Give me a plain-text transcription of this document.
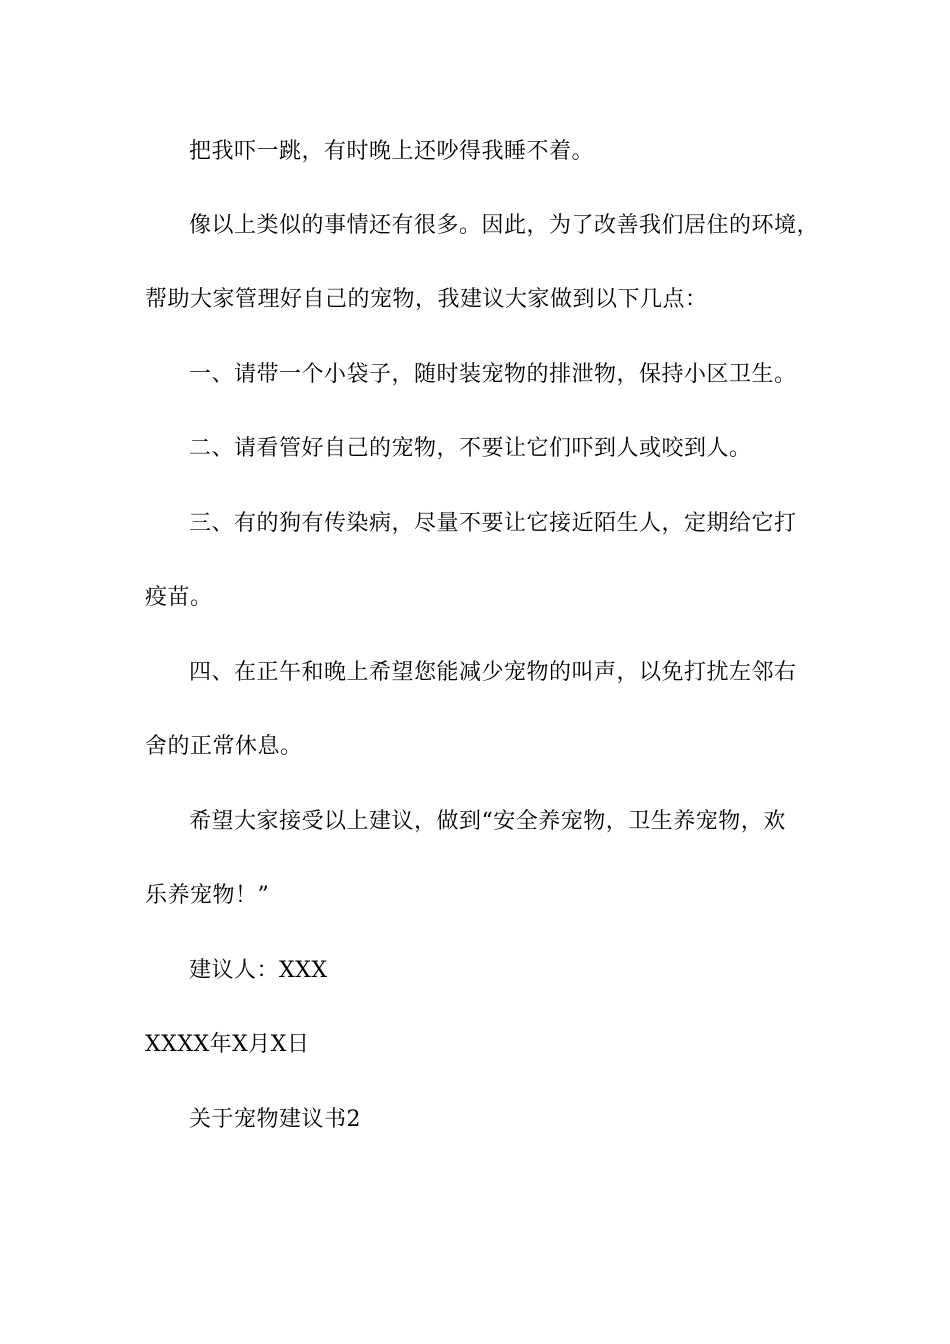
把我吓一跳，有时晚上还吵得我睡不着。
像以上类似的事情还有很多。因此，为了改善我们居住的环境，
帮助大家管理好自己的宠物，我建议大家做到以下几点：
一、请带一个小袋子，随时装宠物的排泄物，保持小区卫生。
二、请看管好自己的宠物，不要让它们吓到人或咬到人。
三、有的狗有传染病，尽量不要让它接近陌生人，定期给它打
疫苗。
四、在正午和晚上希望您能减少宠物的叫声，以免打扰左邻右
舍的正常休息。
希望大家接受以上建议，做到“安全养宠物，卫生养宠物，欢
乐养宠物！”
建议人：XXX
XXXX年X月X日
关于宠物建议书2
